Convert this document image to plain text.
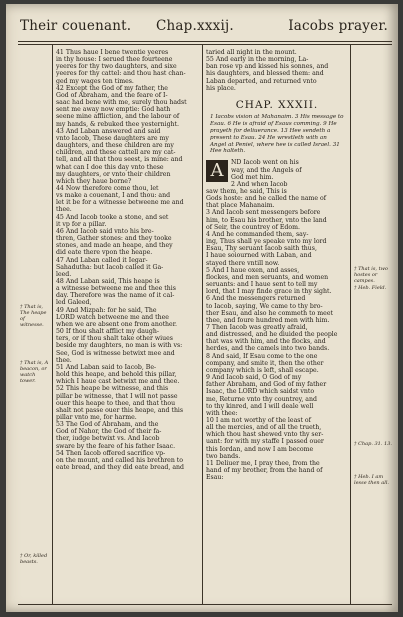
Their couenant. Chap.xxxij.	Iacobs prayer.
41 Thus haue I bene twentie yeeres
in thy house: I serued thee fourteene
yeeres for thy two daughters, and sixe
yeeres for thy cattel: and thou hast chan-
ged my wages ten times.
42 Except the God of my father, the
God of Abraham, and the feare of I-
saac had bene with me, surely thou hadst
sent me away now emptie: God hath
seene mine affliction, and the labour of
my hands, & rebuked thee yesternight.
43 And Laban answered and said
vnto Iacob, These daughters are my
daughters, and these children are my
children, and these cattell are my cat-
tell, and all that thou seest, is mine: and
what can I doe this day vnto these
my daughters, or vnto their children
which they haue borne?
44 Now therefore come thou, let
vs make a couenant, I and thou: and
let it be for a witnesse betweene me and
thee.
45 And Iacob tooke a stone, and set
it vp for a pillar.
46 And Iacob said vnto his bre-
thren, Gather stones: and they tooke
stones, and made an heape, and they
did eate there vpon the heape.
47 And Laban called it Iegar-
Sahadutha: but Iacob called it Ga-
leed.
48 And Laban said, This heape is
a witnesse betweene me and thee this
day. Therefore was the name of it cal-
led Galeed,
49 And Mizpah: for he said, The
LORD watch betweene me and thee
when we are absent one from another.
50 If thou shalt afflict my daugh-
ters, or if thou shalt take other wiues
beside my daughters, no man is with vs:
See, God is witnesse betwixt mee and
thee.
51 And Laban said to Iacob, Be-
hold this heape, and behold this pillar,
which I haue cast betwixt me and thee.
52 This heape be witnesse, and this
pillar be witnesse, that I will not passe
ouer this heape to thee, and that thou
shalt not passe ouer this heape, and this
pillar vnto me, for harme.
53 The God of Abraham, and the
God of Nahor, the God of their fa-
ther, iudge betwixt vs. And Iacob
sware by the feare of his father Isaac.
54 Then Iacob offered sacrifice vp-
on the mount, and called his brethren to
eate bread, and they did eate bread, and
taried all night in the mount.
55 And early in the morning, La-
ban rose vp and kissed his sonnes, and
his daughters, and blessed them: and
Laban departed, and returned vnto
his place.
CHAP. XXXII.
1 Iacobs vision at Mahanaim. 3 His message to Esau. 6 He is afraid of Esaus comming. 9 He prayeth for deliuerance. 13 Hee sendeth a present to Esau. 24 He wrestleth with an Angel at Peniel, where hee is called Israel. 31 Hee halteth.
A	ND Iacob went on his
way, and the Angels of
God met him.
2 And when Iacob
saw them, he said, This is
Gods hoste: and he called the name of
that place Mahanaim.
3 And Iacob sent messengers before
him, to Esau his brother, vnto the land
of Seir, the countrey of Edom.
4 And he commanded them, say-
ing, Thus shall ye speake vnto my lord
Esau, Thy seruant Iacob saith thus,
I haue soiourned with Laban, and
stayed there vntill now.
5 And I haue oxen, and asses,
flockes, and men seruants, and women
seruants: and I haue sent to tell my
lord, that I may finde grace in thy sight.
6 And the messengers returned
to Iacob, saying, We came to thy bro-
ther Esau, and also he commeth to meet
thee, and foure hundred men with him.
7 Then Iacob was greatly afraid,
and distressed, and he diuided the people
that was with him, and the flocks, and
herdes, and the camels into two bands.
8 And said, If Esau come to the one
company, and smite it, then the other
company which is left, shall escape.
9 And Iacob said, O God of my
father Abraham, and God of my father
Isaac, the LORD which saidst vnto
me, Returne vnto thy countrey, and
to thy kinred, and I will deale well
with thee:
10 I am not worthy of the least of
all the mercies, and of all the trueth,
which thou hast shewed vnto thy ser-
uant: for with my staffe I passed ouer
this Iordan, and now I am become
two bands.
11 Deliuer me, I pray thee, from the
hand of my brother, from the hand of
Esau:
† That is, The heape of witnesse.
† That is, A beacon, or watch tower.
† Or, killed beasts.
† That is, two hostes or campes.
† Heb. Field.
† Chap. 31. 13.
† Heb. I am lesse then all.
